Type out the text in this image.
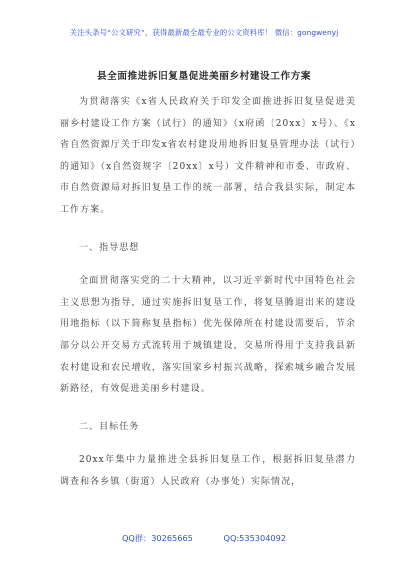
关注头条号“公文研究”，获得最新最全最专业的公文资料库！ 微信：gongwenyj
县全面推进拆旧复垦促进美丽乡村建设工作方案

为贯彻落实《x省人民政府关于印发全面推进拆旧复垦促进美丽乡村建设工作方案（试行）的通知》（x府函〔20xx〕x号）、《x省自然资源厅关于印发x省农村建设用地拆旧复垦管理办法（试行）的通知》（x自然资规字〔20xx〕x号）文件精神和市委、市政府、市自然资源局对拆旧复垦工作的统一部署，结合我县实际，制定本工作方案。

一、指导思想

全面贯彻落实党的二十大精神，以习近平新时代中国特色社会主义思想为指导，通过实施拆旧复垦工作，将复垦腾退出来的建设用地指标（以下简称复垦指标）优先保障所在村建设需要后，节余部分以公开交易方式流转用于城镇建设，交易所得用于支持我县新农村建设和农民增收，落实国家乡村振兴战略，探索城乡融合发展新路径，有效促进美丽乡村建设。

二、目标任务

20xx年集中力量推进全县拆旧复垦工作，根据拆旧复垦潜力调查和各乡镇（街道）人民政府（办事处）实际情况，

QQ群：30265665	QQ:535304092
